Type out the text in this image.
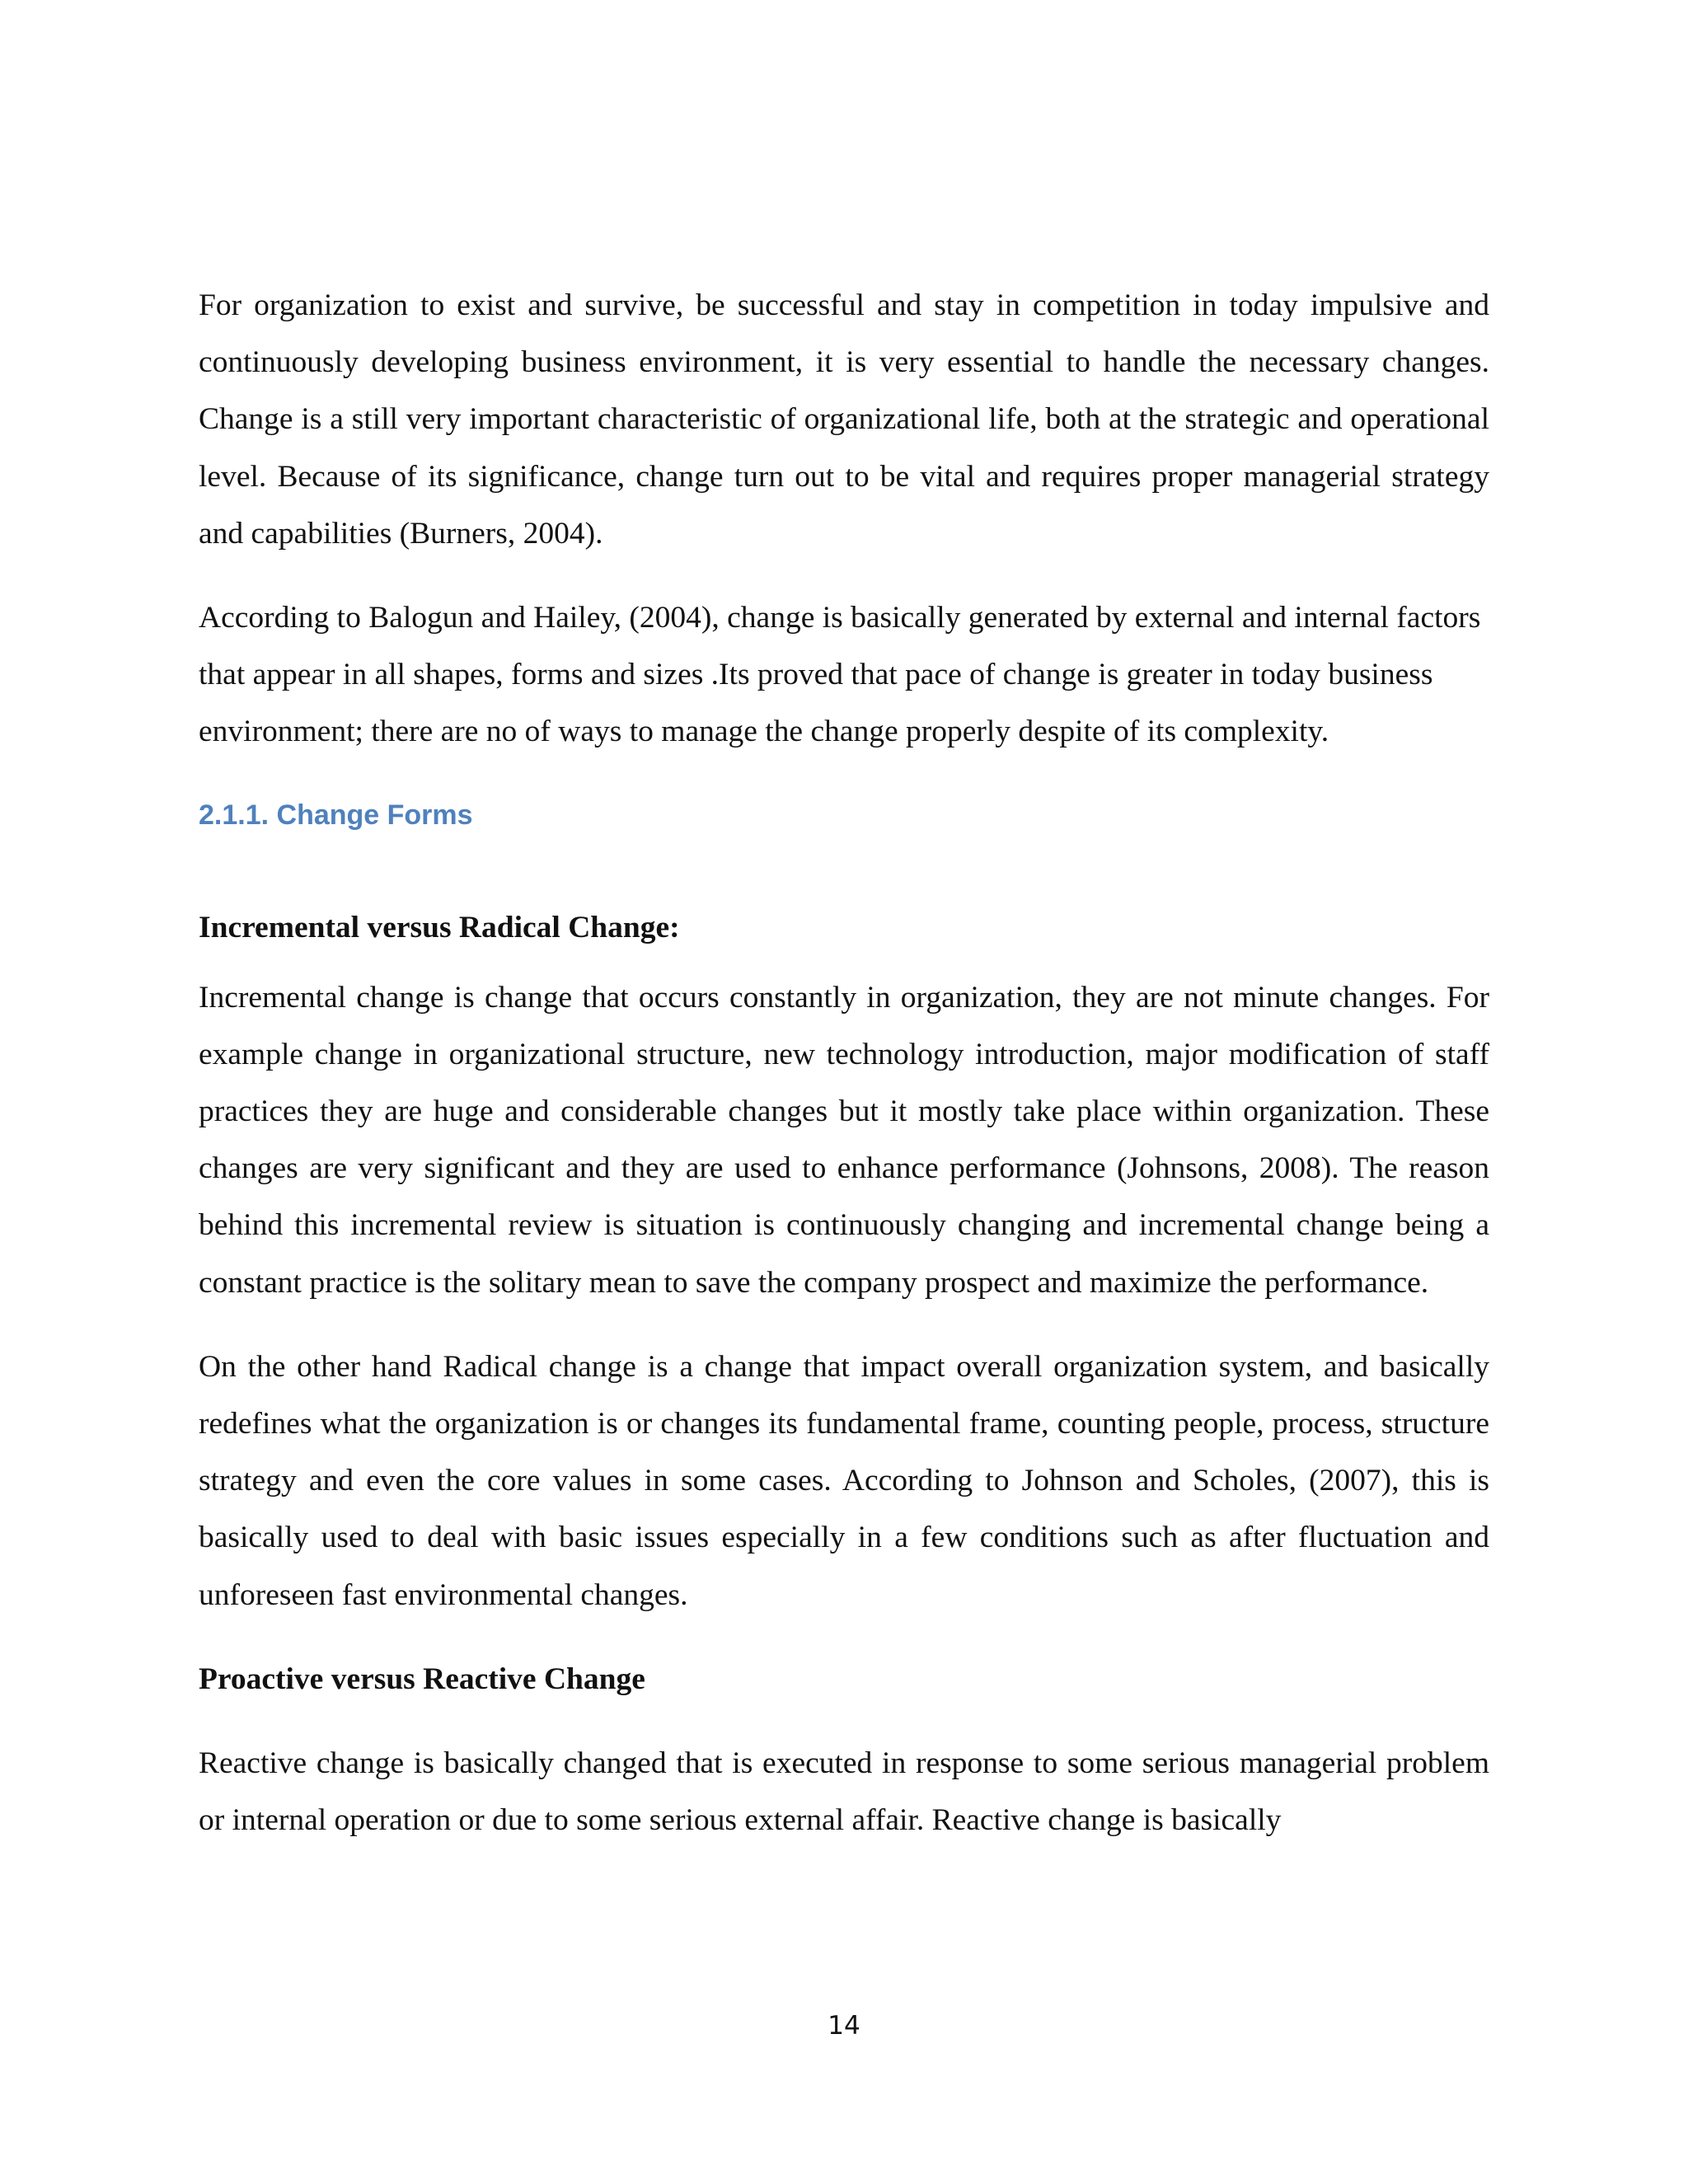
For organization to exist and survive, be successful and stay in competition in today impulsive and continuously developing business environment, it is very essential to handle the necessary changes. Change is a still very important characteristic of organizational life, both at the strategic and operational level. Because of its significance, change turn out to be vital and requires proper managerial strategy and capabilities (Burners, 2004).

According to Balogun and Hailey, (2004), change is basically generated by external and internal factors that appear in all shapes, forms and sizes .Its proved that pace of change is greater in today business environment; there are no of ways to manage the change properly despite of its complexity.

2.1.1. Change Forms
Incremental versus Radical Change:

Incremental change is change that occurs constantly in organization, they are not minute changes. For example change in organizational structure, new technology introduction, major modification of staff practices they are huge and considerable changes but it mostly take place within organization. These changes are very significant and they are used to enhance performance (Johnsons, 2008). The reason behind this incremental review is situation is continuously changing and incremental change being a constant practice is the solitary mean to save the company prospect and maximize the performance.

On the other hand Radical change is a change that impact overall organization system, and basically redefines what the organization is or changes its fundamental frame, counting people, process, structure strategy and even the core values in some cases. According to Johnson and Scholes, (2007), this is basically used to deal with basic issues especially in a few conditions such as after fluctuation and unforeseen fast environmental changes.

Proactive versus Reactive Change

Reactive change is basically changed that is executed in response to some serious managerial problem or internal operation or due to some serious external affair. Reactive change is basically

14
